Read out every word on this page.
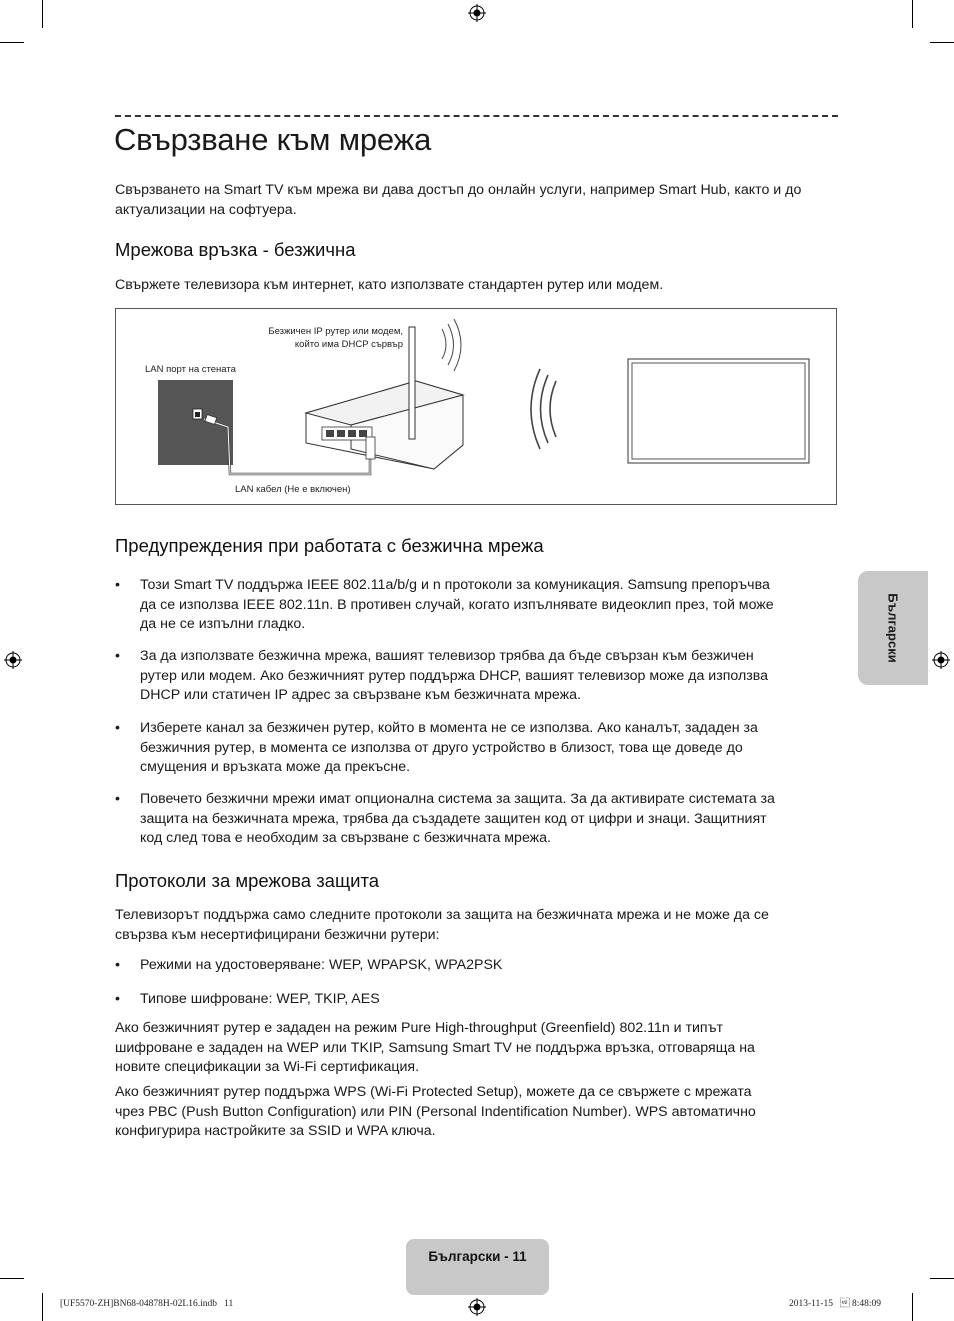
Свързване към мрежа

Свързването на Smart TV към мрежа ви дава достъп до онлайн услуги, например Smart Hub, както и до актуализации на софтуера.

Мрежова връзка - безжична

Свържете телевизора към интернет, като използвате стандартен рутер или модем.

Безжичен IP рутер или модем,
който има DHCP сървър
LAN порт на стената
LAN кабел (Не е включен)
Предупреждения при работата с безжична мрежа
•	Този Smart TV поддържа IEEE 802.11a/b/g и n протоколи за комуникация. Samsung препоръчва
да се използва IEEE 802.11n. В противен случай, когато изпълнявате видеоклип през, той може
да не се изпълни гладко.
•	За да използвате безжична мрежа, вашият телевизор трябва да бъде свързан към безжичен
рутер или модем. Ако безжичният рутер поддържа DHCP, вашият телевизор може да използва
DHCP или статичен IP адрес за свързване към безжичната мрежа.
•	Изберете канал за безжичен рутер, който в момента не се използва. Ако каналът, зададен за
безжичния рутер, в момента се използва от друго устройство в близост, това ще доведе до
смущения и връзката може да прекъсне.
•	Повечето безжични мрежи имат опционална система за защита. За да активирате системата за
защита на безжичната мрежа, трябва да създадете защитен код от цифри и знаци. Защитният
код след това е необходим за свързване с безжичната мрежа.
Протоколи за мрежова защита
Телевизорът поддържа само следните протоколи за защита на безжичната мрежа и не може да се
свързва към несертифицирани безжични рутери:
•	Режими на удостоверяване: WEP, WPAPSK, WPA2PSK
•	Типове шифроване: WEP, TKIP, AES
Ако безжичният рутер е зададен на режим Pure High-throughput (Greenfield) 802.11n и типът
шифроване е зададен на WEP или TKIP, Samsung Smart TV не поддържа връзка, отговаряща на
новите спецификации за Wi-Fi сертификация.
Ако безжичният рутер поддържа WPS (Wi-Fi Protected Setup), можете да се свържете с мрежата
чрез PBC (Push Button Configuration) или PIN (Personal Indentification Number). WPS автоматично
конфигурира настройките за SSID и WPA ключа.
Български
Български - 11
[UF5570-ZH]BN68-04878H-02L16.indb   11	2013-11-15    8:48:09
